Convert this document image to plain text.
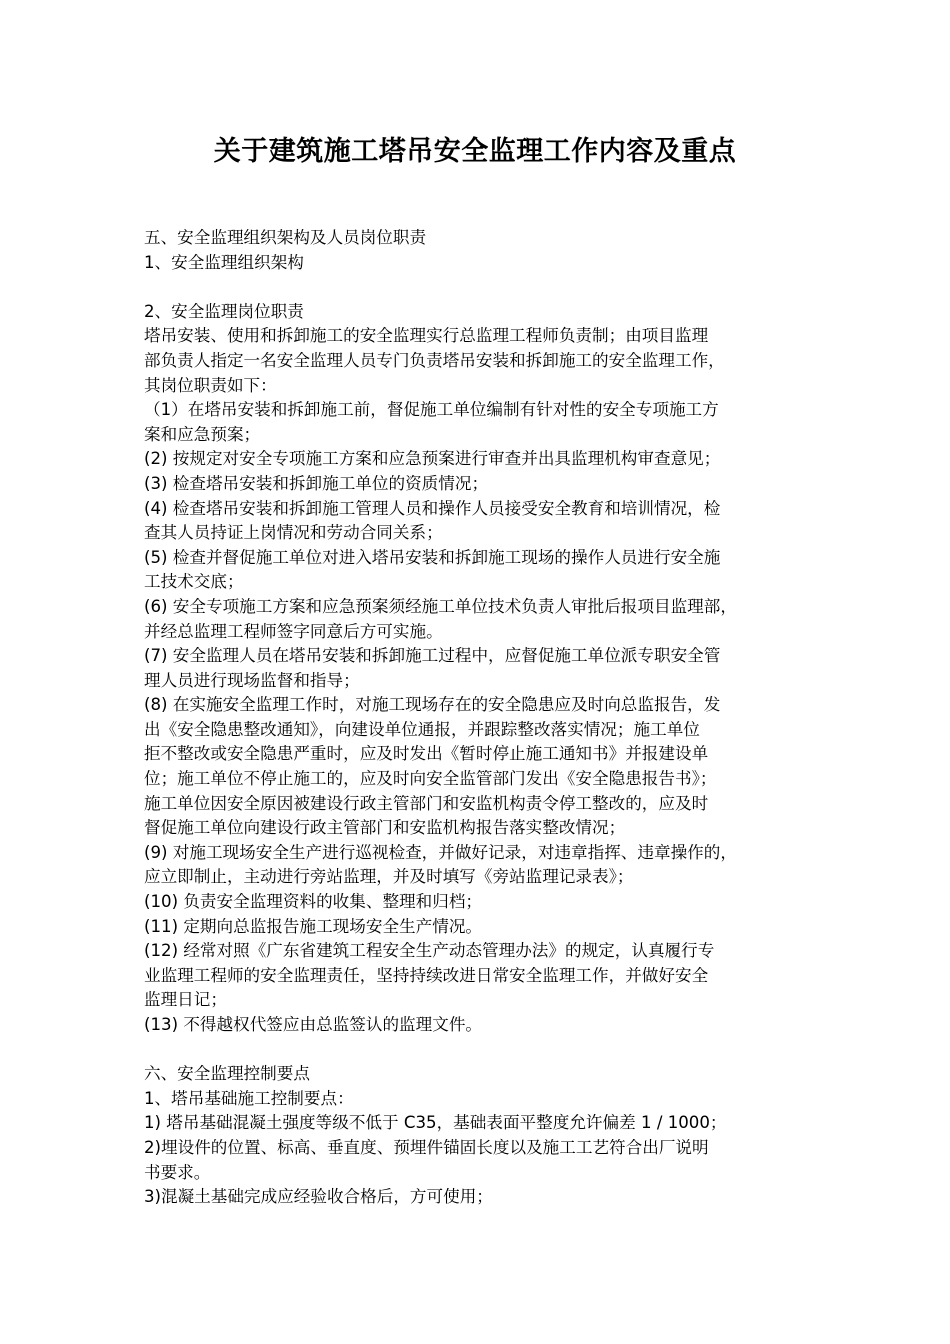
关于建筑施工塔吊安全监理工作内容及重点
五、安全监理组织架构及人员岗位职责
1、安全监理组织架构
2、安全监理岗位职责
塔吊安装、使用和拆卸施工的安全监理实行总监理工程师负责制；由项目监理
部负责人指定一名安全监理人员专门负责塔吊安装和拆卸施工的安全监理工作，
其岗位职责如下：
（1）在塔吊安装和拆卸施工前，督促施工单位编制有针对性的安全专项施工方
案和应急预案；
(2) 按规定对安全专项施工方案和应急预案进行审查并出具监理机构审查意见；
(3) 检查塔吊安装和拆卸施工单位的资质情况；
(4) 检查塔吊安装和拆卸施工管理人员和操作人员接受安全教育和培训情况，检
查其人员持证上岗情况和劳动合同关系；
(5) 检查并督促施工单位对进入塔吊安装和拆卸施工现场的操作人员进行安全施
工技术交底；
(6) 安全专项施工方案和应急预案须经施工单位技术负责人审批后报项目监理部，
并经总监理工程师签字同意后方可实施。
(7) 安全监理人员在塔吊安装和拆卸施工过程中，应督促施工单位派专职安全管
理人员进行现场监督和指导；
(8) 在实施安全监理工作时，对施工现场存在的安全隐患应及时向总监报告，发
出《安全隐患整改通知》，向建设单位通报，并跟踪整改落实情况；施工单位
拒不整改或安全隐患严重时，应及时发出《暂时停止施工通知书》并报建设单
位；施工单位不停止施工的，应及时向安全监管部门发出《安全隐患报告书》；
施工单位因安全原因被建设行政主管部门和安监机构责令停工整改的，应及时
督促施工单位向建设行政主管部门和安监机构报告落实整改情况；
(9) 对施工现场安全生产进行巡视检查，并做好记录，对违章指挥、违章操作的，
应立即制止，主动进行旁站监理，并及时填写《旁站监理记录表》；
(10) 负责安全监理资料的收集、整理和归档；
(11) 定期向总监报告施工现场安全生产情况。
(12) 经常对照《广东省建筑工程安全生产动态管理办法》的规定，认真履行专
业监理工程师的安全监理责任，坚持持续改进日常安全监理工作，并做好安全
监理日记；
(13) 不得越权代签应由总监签认的监理文件。
六、安全监理控制要点
1、塔吊基础施工控制要点：
1) 塔吊基础混凝土强度等级不低于 C35，基础表面平整度允许偏差 1 / 1000；
2)埋设件的位置、标高、垂直度、预埋件锚固长度以及施工工艺符合出厂说明
书要求。
3)混凝土基础完成应经验收合格后，方可使用；
